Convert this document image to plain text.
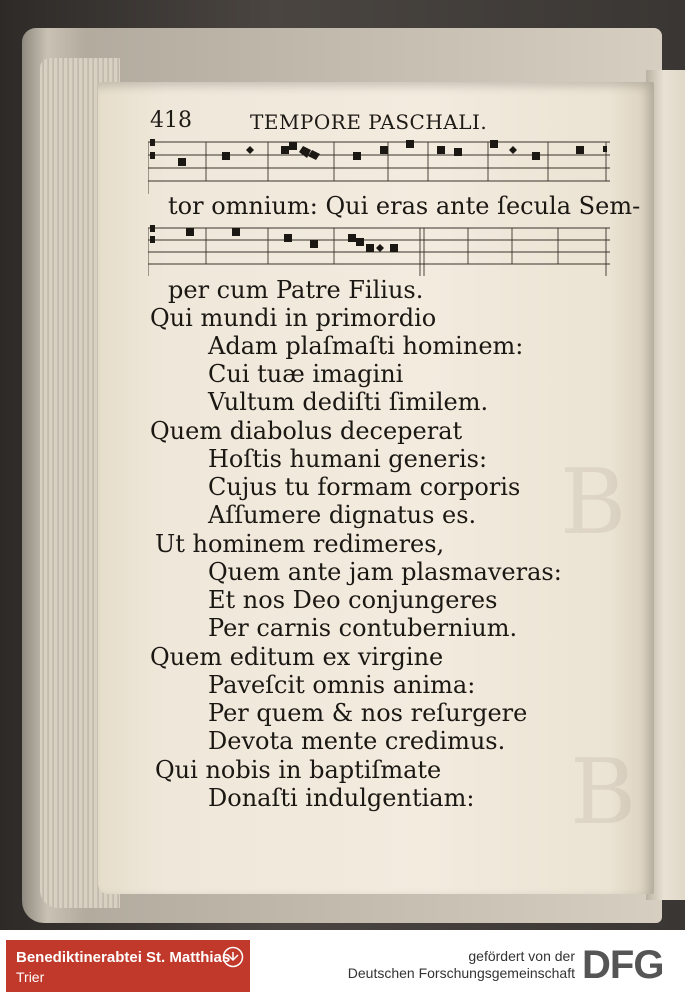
B
B
418	TEMPORE PASCHALI.
tor omnium: Qui eras ante ſecula Sem-
per cum Patre Filius.
Qui mundi in primordio
Adam plaſmaſti hominem:
Cui tuæ imagini
Vultum dediſti ſimilem.
Quem diabolus deceperat
Hoſtis humani generis:
Cujus tu formam corporis
Aſſumere dignatus es.
Ut hominem redimeres,
Quem ante jam plasmaveras:
Et nos Deo conjungeres
Per carnis contubernium.
Quem editum ex virgine
Paveſcit omnis anima:
Per quem & nos reſurgere
Devota mente credimus.
Qui nobis in baptiſmate
Donaſti indulgentiam:
Benediktinerabtei St. Matthias
Trier
gefördert von der
Deutschen Forschungsgemeinschaft DFG
